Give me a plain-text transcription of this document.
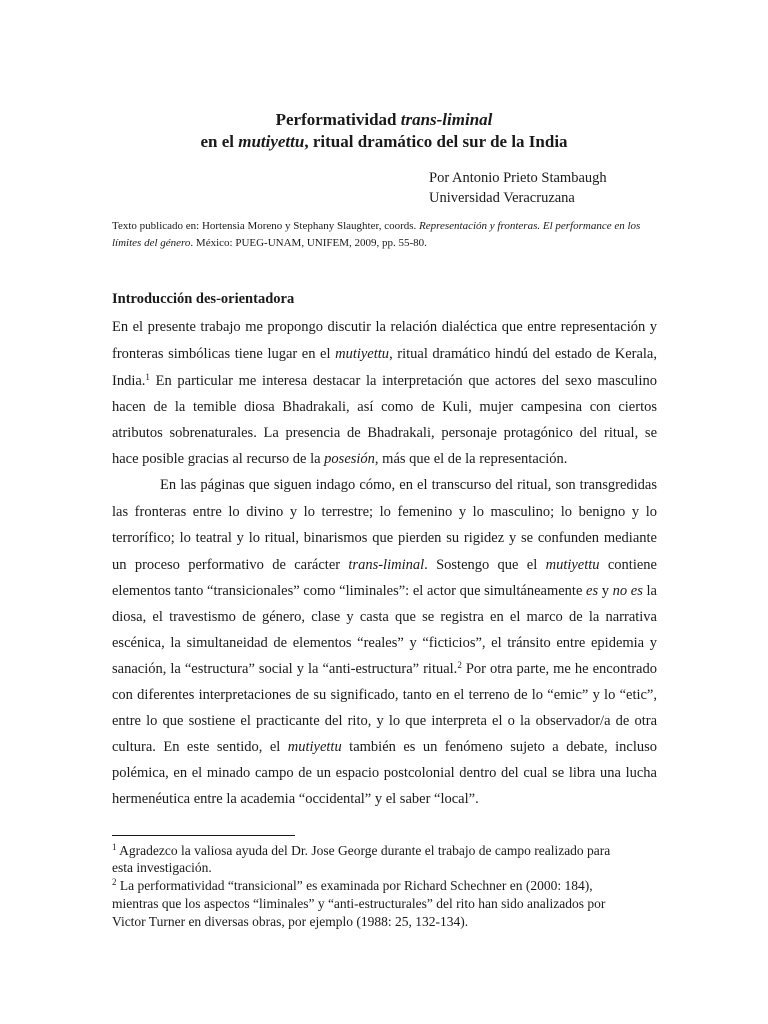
Performatividad trans-liminal
en el mutiyettu, ritual dramático del sur de la India
Por Antonio Prieto Stambaugh
Universidad Veracruzana
Texto publicado en: Hortensia Moreno y Stephany Slaughter, coords. Representación y fronteras. El performance en los límites del género. México: PUEG-UNAM, UNIFEM, 2009, pp. 55-80.
Introducción des-orientadora
En el presente trabajo me propongo discutir la relación dialéctica que entre representación y
fronteras simbólicas tiene lugar en el mutiyettu, ritual dramático hindú del estado de Kerala,
India.$^1$ En particular me interesa destacar la interpretación que actores del sexo masculino
hacen de la temible diosa Bhadrakali, así como de Kuli, mujer campesina con ciertos
atributos sobrenaturales. La presencia de Bhadrakali, personaje protagónico del ritual, se
hace posible gracias al recurso de la posesión, más que el de la representación.
En las páginas que siguen indago cómo, en el transcurso del ritual, son transgredidas
las fronteras entre lo divino y lo terrestre; lo femenino y lo masculino; lo benigno y lo
terrorífico; lo teatral y lo ritual, binarismos que pierden su rigidez y se confunden mediante
un proceso performativo de carácter trans-liminal. Sostengo que el mutiyettu contiene
elementos tanto “transicionales” como “liminales”: el actor que simultáneamente es y no es la
diosa, el travestismo de género, clase y casta que se registra en el marco de la narrativa
escénica, la simultaneidad de elementos “reales” y “ficticios”, el tránsito entre epidemia y
sanación, la “estructura” social y la “anti-estructura” ritual.$^2$ Por otra parte, me he encontrado
con diferentes interpretaciones de su significado, tanto en el terreno de lo “emic” y lo “etic”,
entre lo que sostiene el practicante del rito, y lo que interpreta el o la observador/a de otra
cultura. En este sentido, el mutiyettu también es un fenómeno sujeto a debate, incluso
polémica, en el minado campo de un espacio postcolonial dentro del cual se libra una lucha
hermenéutica entre la academia “occidental” y el saber “local”.
$^1$ Agradezco la valiosa ayuda del Dr. Jose George durante el trabajo de campo realizado para
esta investigación.
$^2$ La performatividad “transicional” es examinada por Richard Schechner en (2000: 184),
mientras que los aspectos “liminales” y “anti-estructurales” del rito han sido analizados por
Victor Turner en diversas obras, por ejemplo (1988: 25, 132-134).
